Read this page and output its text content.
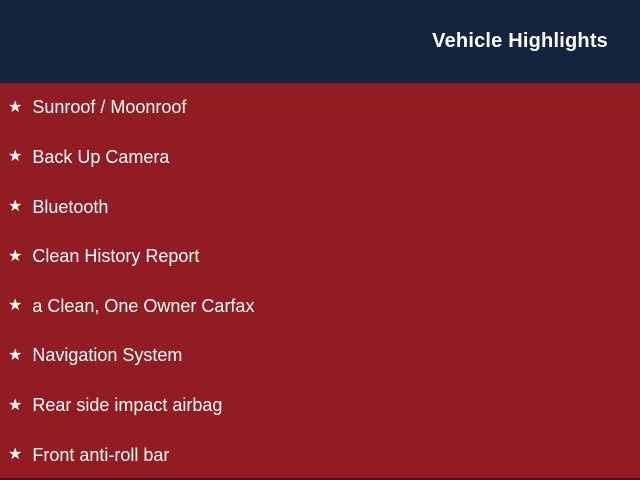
Vehicle Highlights
★ Sunroof / Moonroof
★ Back Up Camera
★ Bluetooth
★ Clean History Report
★ a Clean, One Owner Carfax
★ Navigation System
★ Rear side impact airbag
★ Front anti-roll bar
